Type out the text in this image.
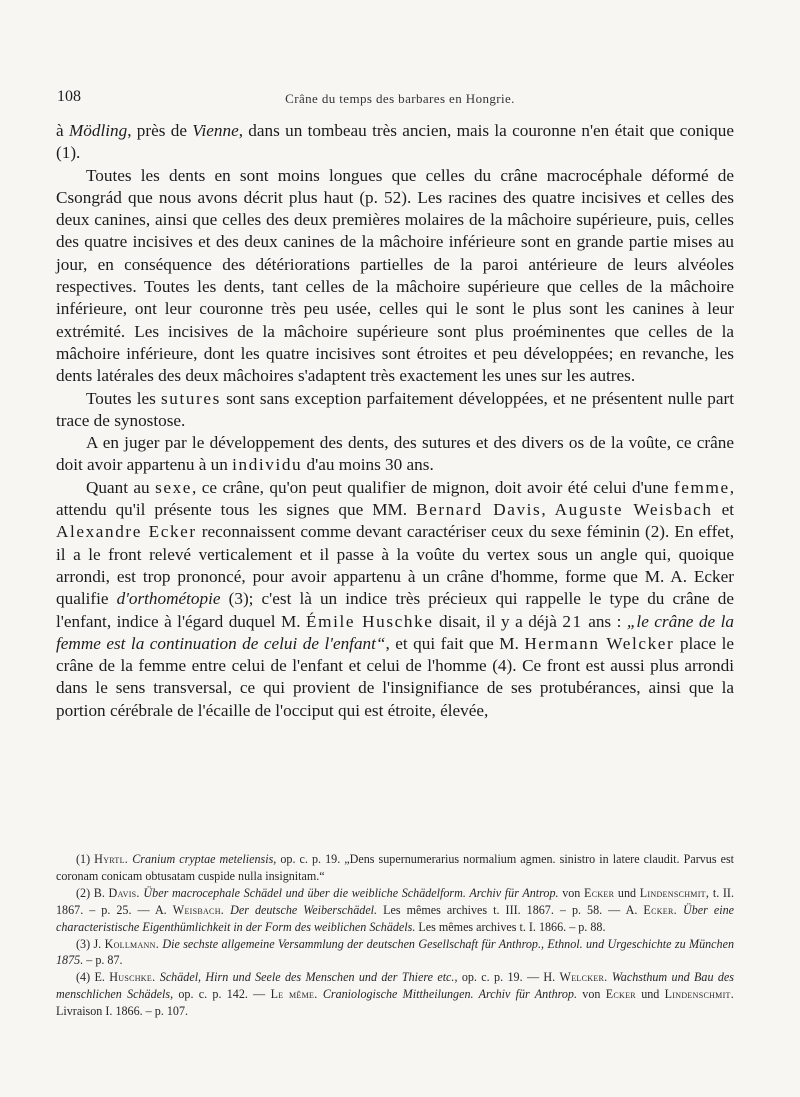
108	Crâne du temps des barbares en Hongrie.

à Mödling, près de Vienne, dans un tombeau très ancien, mais la couronne n'en était que conique (1).

Toutes les dents en sont moins longues que celles du crâne macrocéphale déformé de Csongrád que nous avons décrit plus haut (p. 52). Les racines des quatre incisives et celles des deux canines, ainsi que celles des deux premières molaires de la mâchoire supérieure, puis, celles des quatre incisives et des deux canines de la mâchoire inférieure sont en grande partie mises au jour, en conséquence des détériorations partielles de la paroi antérieure de leurs alvéoles respectives. Toutes les dents, tant celles de la mâchoire supérieure que celles de la mâchoire inférieure, ont leur couronne très peu usée, celles qui le sont le plus sont les canines à leur extrémité. Les incisives de la mâchoire supérieure sont plus proéminentes que celles de la mâchoire inférieure, dont les quatre incisives sont étroites et peu développées; en revanche, les dents latérales des deux mâchoires s'adaptent très exactement les unes sur les autres.

Toutes les sutures sont sans exception parfaitement développées, et ne présentent nulle part trace de synostose.

A en juger par le développement des dents, des sutures et des divers os de la voûte, ce crâne doit avoir appartenu à un individu d'au moins 30 ans.

Quant au sexe, ce crâne, qu'on peut qualifier de mignon, doit avoir été celui d'une femme, attendu qu'il présente tous les signes que MM. Bernard Davis, Auguste Weisbach et Alexandre Ecker reconnaissent comme devant caractériser ceux du sexe féminin (2). En effet, il a le front relevé verticalement et il passe à la voûte du vertex sous un angle qui, quoique arrondi, est trop prononcé, pour avoir appartenu à un crâne d'homme, forme que M. A. Ecker qualifie d'orthométopie (3); c'est là un indice très précieux qui rappelle le type du crâne de l'enfant, indice à l'égard duquel M. Émile Huschke disait, il y a déjà 21 ans : „le crâne de la femme est la continuation de celui de l'enfant“, et qui fait que M. Hermann Welcker place le crâne de la femme entre celui de l'enfant et celui de l'homme (4). Ce front est aussi plus arrondi dans le sens transversal, ce qui provient de l'insignifiance de ses protubérances, ainsi que la portion cérébrale de l'écaille de l'occiput qui est étroite, élevée,

(1) Hyrtl. Cranium cryptae meteliensis, op. c. p. 19. „Dens supernumerarius normalium agmen. sinistro in latere claudit. Parvus est coronam conicam obtusatam cuspide nulla insignitam.“

(2) B. Davis. Über macrocephale Schädel und über die weibliche Schädelform. Archiv für Antrop. von Ecker und Lindenschmit, t. II. 1867. – p. 25. — A. Weisbach. Der deutsche Weiberschädel. Les mêmes archives t. III. 1867. – p. 58. — A. Ecker. Über eine characteristische Eigenthümlichkeit in der Form des weiblichen Schädels. Les mêmes archives t. I. 1866. – p. 88.

(3) J. Kollmann. Die sechste allgemeine Versammlung der deutschen Gesellschaft für Anthrop., Ethnol. und Urgeschichte zu München 1875. – p. 87.

(4) E. Huschke. Schädel, Hirn und Seele des Menschen und der Thiere etc., op. c. p. 19. — H. Welcker. Wachsthum und Bau des menschlichen Schädels, op. c. p. 142. — Le même. Craniologische Mittheilungen. Archiv für Anthrop. von Ecker und Lindenschmit. Livraison I. 1866. – p. 107.
